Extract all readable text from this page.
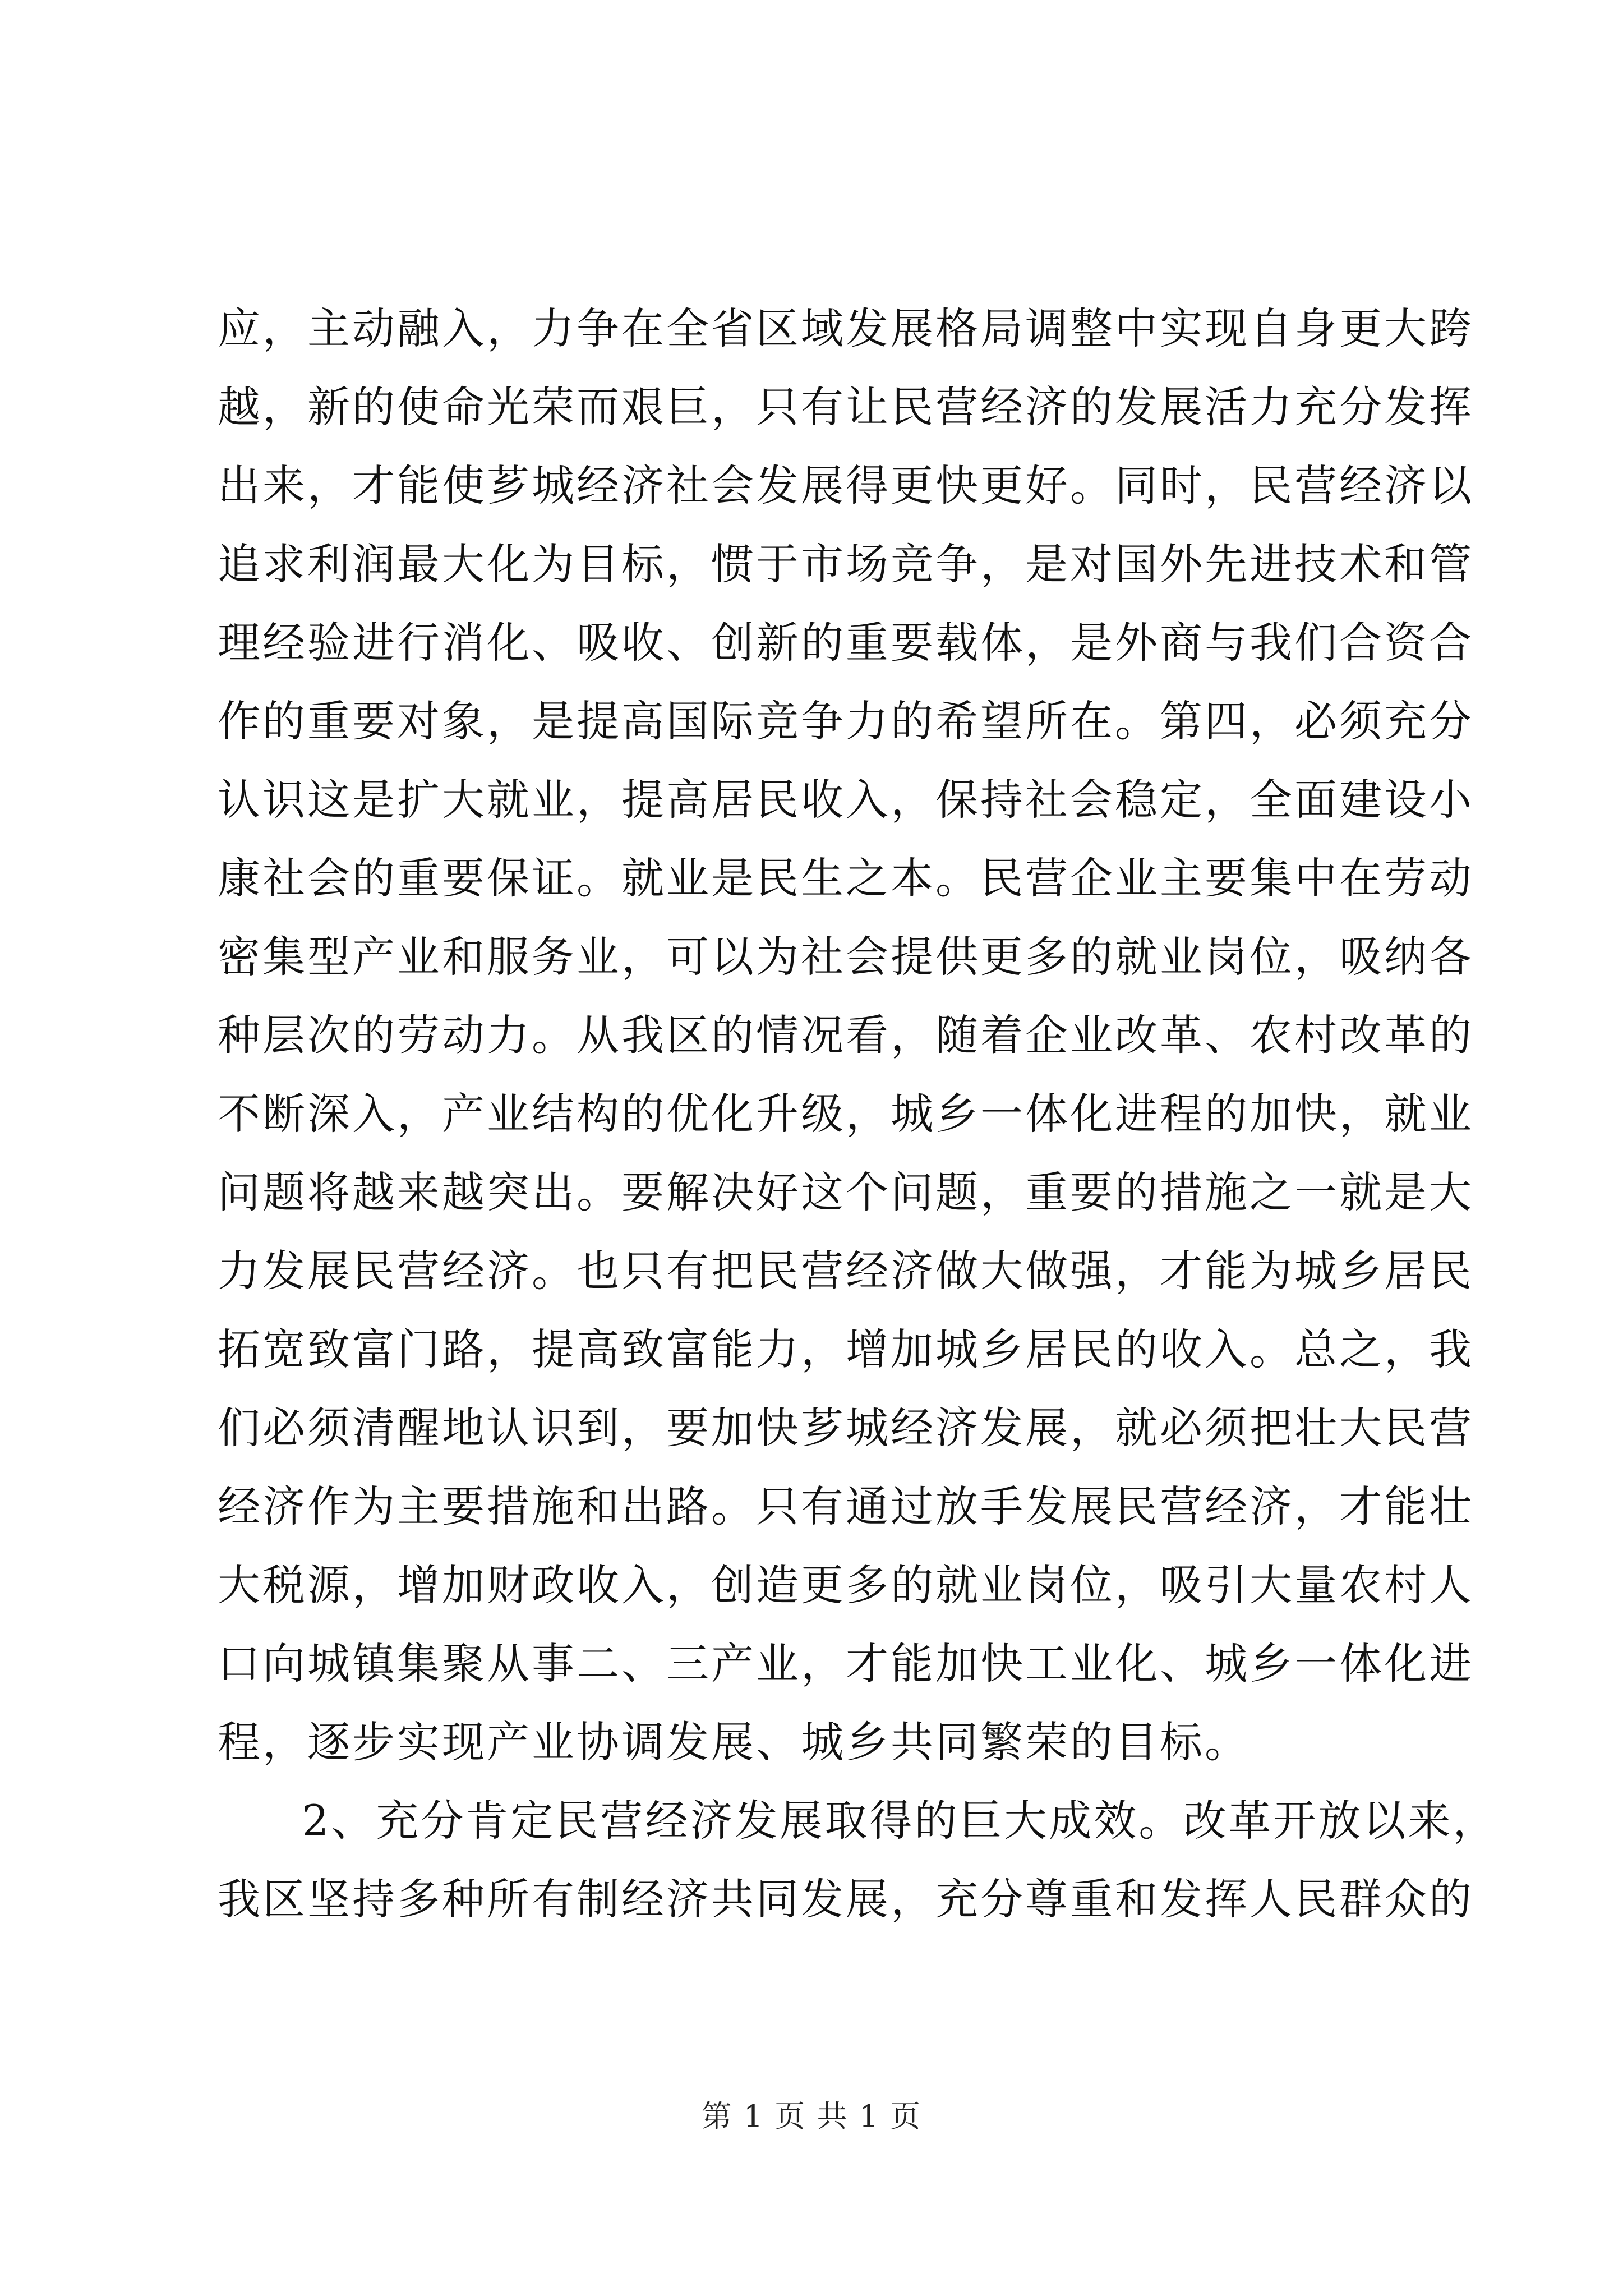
应，主动融入，力争在全省区域发展格局调整中实现自身更大跨
越，新的使命光荣而艰巨，只有让民营经济的发展活力充分发挥
出来，才能使芗城经济社会发展得更快更好。同时，民营经济以
追求利润最大化为目标，惯于市场竞争，是对国外先进技术和管
理经验进行消化、吸收、创新的重要载体，是外商与我们合资合
作的重要对象，是提高国际竞争力的希望所在。第四，必须充分
认识这是扩大就业，提高居民收入，保持社会稳定，全面建设小
康社会的重要保证。就业是民生之本。民营企业主要集中在劳动
密集型产业和服务业，可以为社会提供更多的就业岗位，吸纳各
种层次的劳动力。从我区的情况看，随着企业改革、农村改革的
不断深入，产业结构的优化升级，城乡一体化进程的加快，就业
问题将越来越突出。要解决好这个问题，重要的措施之一就是大
力发展民营经济。也只有把民营经济做大做强，才能为城乡居民
拓宽致富门路，提高致富能力，增加城乡居民的收入。总之，我
们必须清醒地认识到，要加快芗城经济发展，就必须把壮大民营
经济作为主要措施和出路。只有通过放手发展民营经济，才能壮
大税源，增加财政收入，创造更多的就业岗位，吸引大量农村人
口向城镇集聚从事二、三产业，才能加快工业化、城乡一体化进
程，逐步实现产业协调发展、城乡共同繁荣的目标。
2、充分肯定民营经济发展取得的巨大成效。改革开放以来，
我区坚持多种所有制经济共同发展，充分尊重和发挥人民群众的
第 1 页 共 1 页
